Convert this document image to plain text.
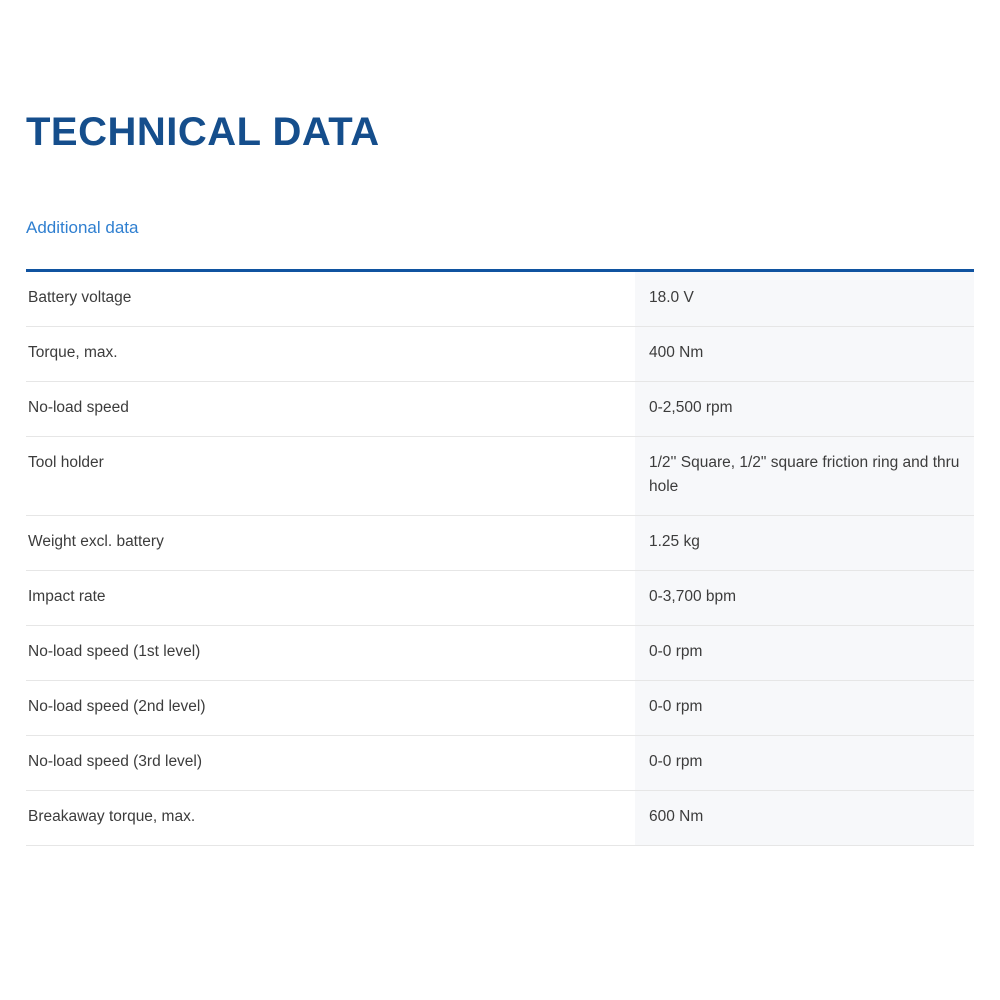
TECHNICAL DATA
Additional data
Battery voltage	18.0 V
Torque, max.	400 Nm
No-load speed	0-2,500 rpm
Tool holder	1/2'' Square, 1/2" square friction ring and thru hole
Weight excl. battery	1.25 kg
Impact rate	0-3,700 bpm
No-load speed (1st level)	0-0 rpm
No-load speed (2nd level)	0-0 rpm
No-load speed (3rd level)	0-0 rpm
Breakaway torque, max.	600 Nm
